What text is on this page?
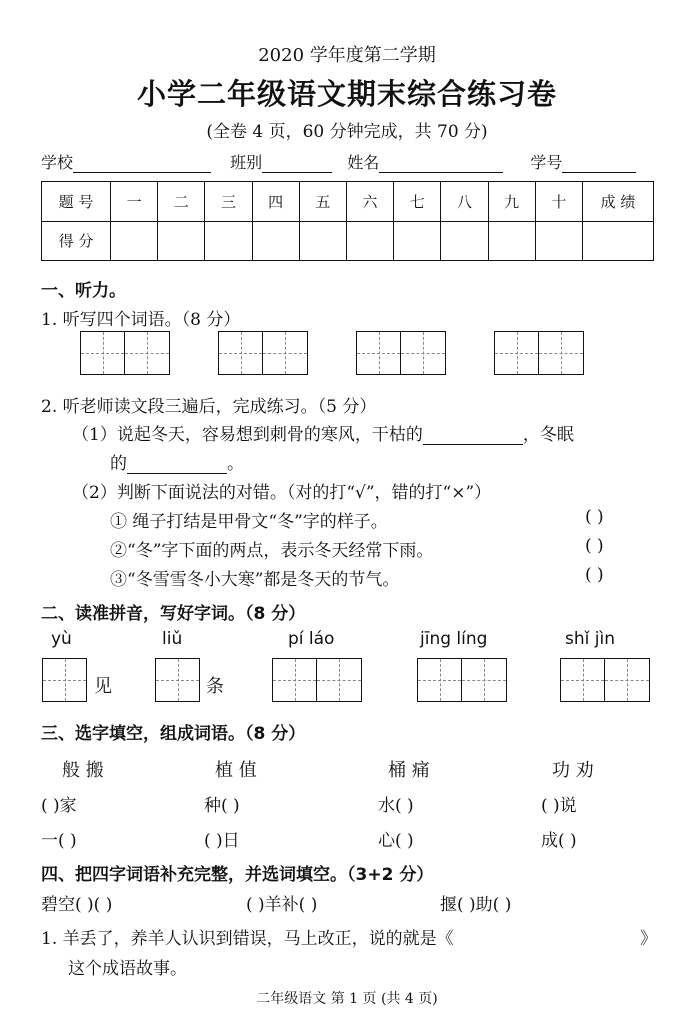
2020 学年度第二学期
小学二年级语文期末综合练习卷
(全卷 4 页，60 分钟完成，共 70 分)
学校	班别	姓名	学号
题 号	一	二	三	四	五	六	七	八	九	十	成 绩
得 分											
一、听力。
1. 听写四个词语。（8 分）
2. 听老师读文段三遍后，完成练习。（5 分）
（1）说起冬天，容易想到刺骨的寒风，干枯的	，冬眠
的	。
（2）判断下面说法的对错。（对的打“√”，错的打“×”）
① 绳子打结是甲骨文“冬”字的样子。	( )
②“冬”字下面的两点，表示冬天经常下雨。	( )
③“冬雪雪冬小大寒”都是冬天的节气。	( )
二、读准拼音，写好字词。（8 分）
yù	liǔ	pí láo	jīng líng	shǐ jìn
见	条
三、选字填空，组成词语。（8 分）
般 搬	植 值	桶 痛	功 劝
( )家	种( )	水( )	( )说
一( )	( )日	心( )	成( )
四、把四字词语补充完整，并选词填空。（3+2 分）
碧空( )( )	( )羊补( )	揠( )助( )
1. 羊丢了，养羊人认识到错误，马上改正，说的就是《	》
这个成语故事。
二年级语文 第 1 页 (共 4 页)
